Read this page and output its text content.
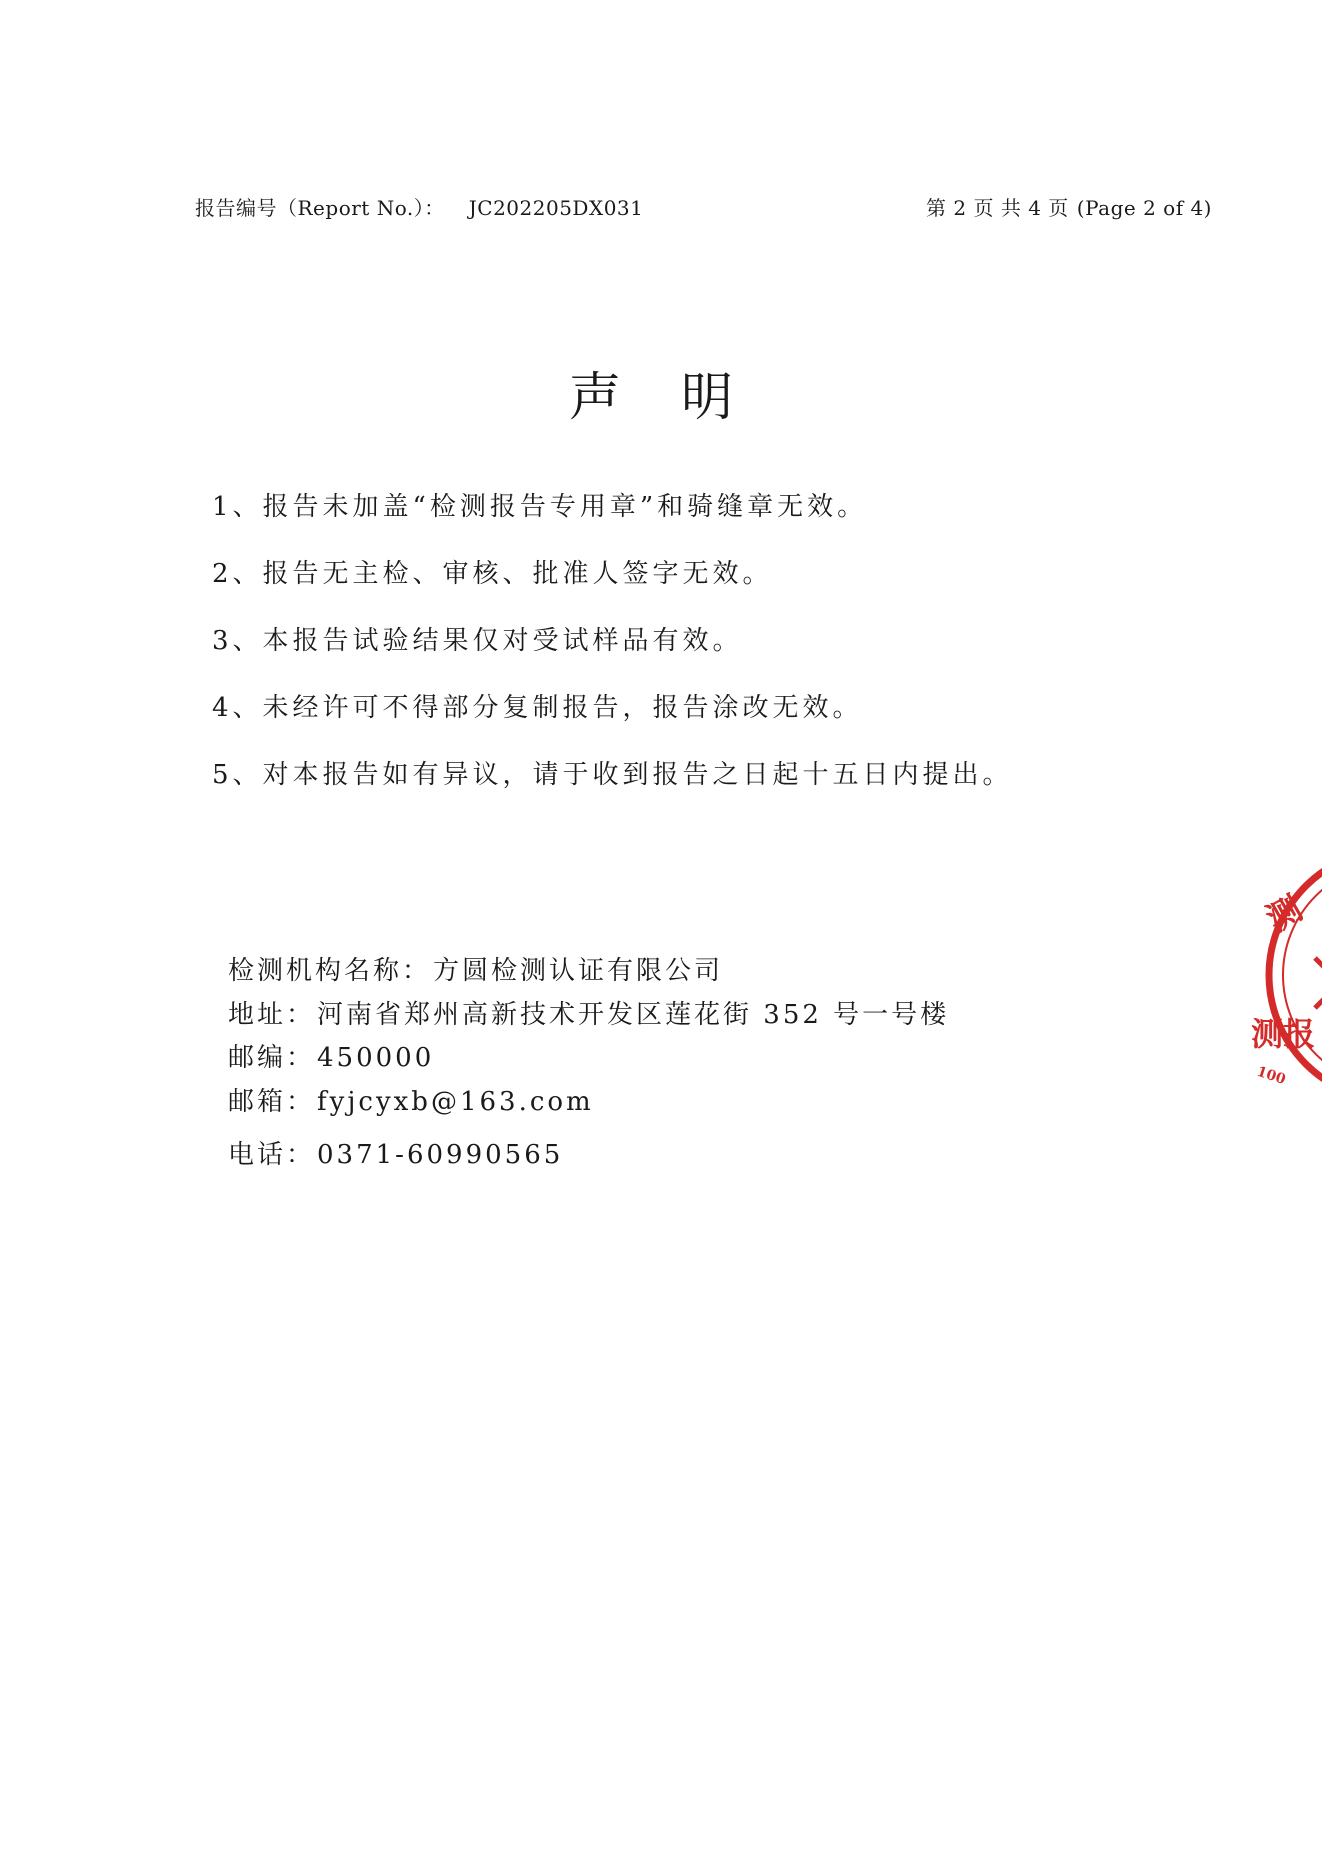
报告编号（Report No.）： JC202205DX031	第 2 页 共 4 页 (Page 2 of 4)
声明
1、报告未加盖“检测报告专用章”和骑缝章无效。
2、报告无主检、审核、批准人签字无效。
3、本报告试验结果仅对受试样品有效。
4、未经许可不得部分复制报告，报告涂改无效。
5、对本报告如有异议，请于收到报告之日起十五日内提出。
检测机构名称：方圆检测认证有限公司
地址：河南省郑州高新技术开发区莲花街 352 号一号楼
邮编：450000
邮箱：fyjcyxb@163.com
电话：0371-60990565
测
测报
100
